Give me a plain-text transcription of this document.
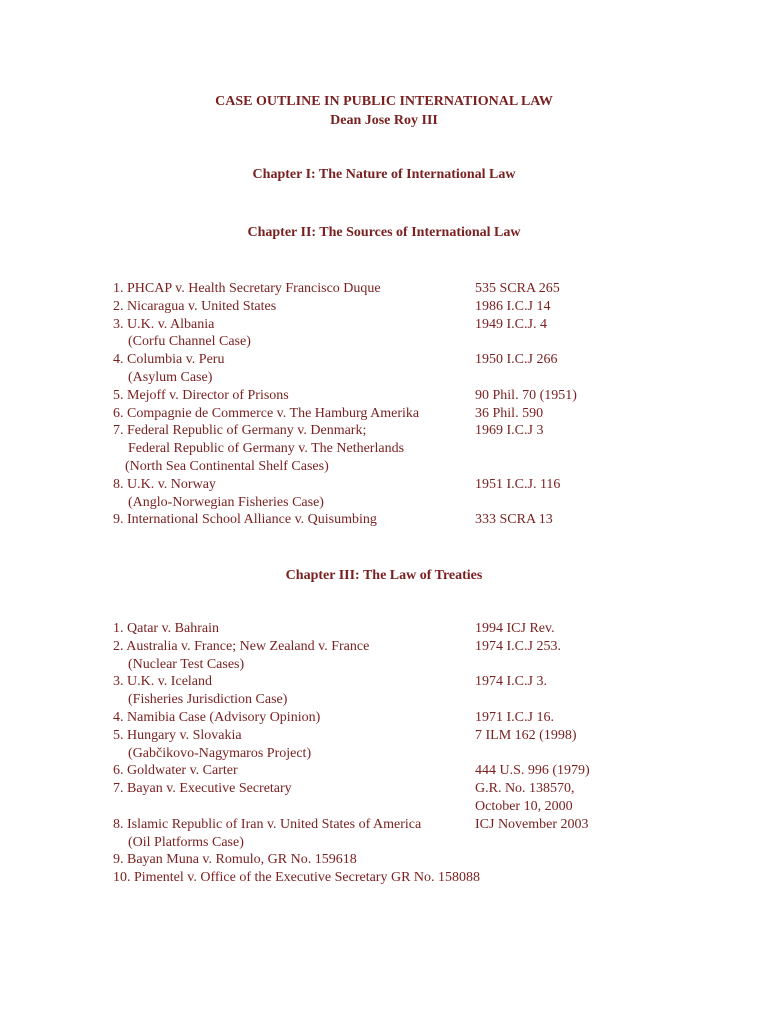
CASE OUTLINE IN PUBLIC INTERNATIONAL LAW
Dean Jose Roy III
Chapter I: The Nature of International Law
Chapter II: The Sources of International Law
1. PHCAP v. Health Secretary Francisco Duque	535 SCRA 265
2. Nicaragua v. United States	1986 I.C.J 14
3. U.K. v. Albania	1949 I.C.J. 4
(Corfu Channel Case)
4. Columbia v. Peru	1950 I.C.J 266
(Asylum Case)
5. Mejoff v. Director of Prisons	90 Phil. 70 (1951)
6. Compagnie de Commerce v. The Hamburg Amerika	36 Phil. 590
7. Federal Republic of Germany v. Denmark;	1969 I.C.J 3
Federal Republic of Germany v. The Netherlands
(North Sea Continental Shelf Cases)
8. U.K. v. Norway	1951 I.C.J. 116
(Anglo-Norwegian Fisheries Case)
9. International School Alliance v. Quisumbing	333 SCRA 13
Chapter III: The Law of Treaties
1. Qatar v. Bahrain	1994 ICJ Rev.
2. Australia v. France; New Zealand v. France	1974 I.C.J 253.
(Nuclear Test Cases)
3. U.K. v. Iceland	1974 I.C.J 3.
(Fisheries Jurisdiction Case)
4. Namibia Case (Advisory Opinion)	1971 I.C.J 16.
5. Hungary v. Slovakia	7 ILM 162 (1998)
(Gabčikovo-Nagymaros Project)
6. Goldwater v. Carter	444 U.S. 996 (1979)
7. Bayan v. Executive Secretary	G.R. No. 138570,
October 10, 2000
8. Islamic Republic of Iran v. United States of America	ICJ November 2003
(Oil Platforms Case)
9. Bayan Muna v. Romulo, GR No. 159618
10. Pimentel v. Office of the Executive Secretary GR No. 158088
